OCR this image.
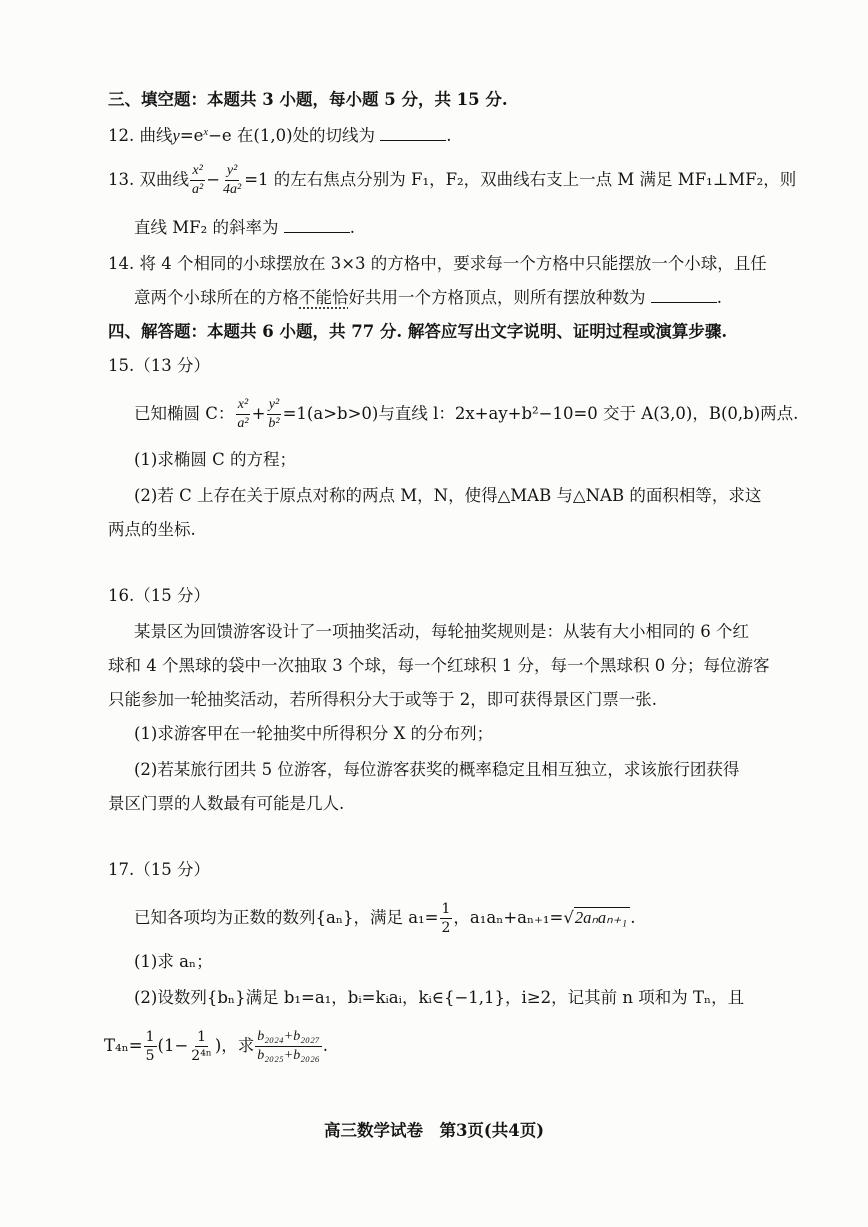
三、填空题：本题共 3 小题，每小题 5 分，共 15 分.
12. 曲线$y=e^x-e$ 在(1,0)处的切线为	.
13. 双曲线 $\frac{\text{x²}}{\text{a²}} - \frac{\text{y²}}{\text{4a²}} =1$ 的左右焦点分别为 F₁，F₂，双曲线右支上一点 M 满足 MF₁⊥MF₂，则
直线 MF₂ 的斜率为	.
14. 将 4 个相同的小球摆放在 3×3 的方格中，要求每一个方格中只能摆放一个小球，且任
意两个小球所在的方格不能恰好共用一个方格顶点，则所有摆放种数为	.
四、解答题：本题共 6 小题，共 77 分. 解答应写出文字说明、证明过程或演算步骤.
15.（13 分）
已知椭圆 C： $\frac{\text{x²}}{\text{a²}} + \frac{\text{y²}}{\text{b²}} =1(a>b>0)$与直线 l：2x+ay+b²−10=0 交于 A(3,0)，B(0,b)两点.
(1)求椭圆 C 的方程；
(2)若 C 上存在关于原点对称的两点 M，N，使得△MAB 与△NAB 的面积相等，求这
两点的坐标.
16.（15 分）
某景区为回馈游客设计了一项抽奖活动，每轮抽奖规则是：从装有大小相同的 6 个红
球和 4 个黑球的袋中一次抽取 3 个球，每一个红球积 1 分，每一个黑球积 0 分；每位游客
只能参加一轮抽奖活动，若所得积分大于或等于 2，即可获得景区门票一张.
(1)求游客甲在一轮抽奖中所得积分 X 的分布列；
(2)若某旅行团共 5 位游客，每位游客获奖的概率稳定且相互独立，求该旅行团获得
景区门票的人数最有可能是几人.
17.（15 分）
已知各项均为正数的数列{aₙ}，满足 $a_1= \frac{1}{2}$ ，a₁aₙ+aₙ₊₁=√2aₙaₙ₊₁ .
(1)求 aₙ；
(2)设数列{bₙ}满足 b₁=a₁，bᵢ=kᵢaᵢ，kᵢ∈{−1,1}，i≥2，记其前 n 项和为 Tₙ，且
$T_{4n}= \frac{1}{5} (1- \frac{1}{\text{2⁴ⁿ}}$ )，求 $\frac{\text{b₂₀₂₄+b₂₀₂₇}}{\text{b₂₀₂₅+b₂₀₂₆}}$ .
高三数学试卷　第3页(共4页)
